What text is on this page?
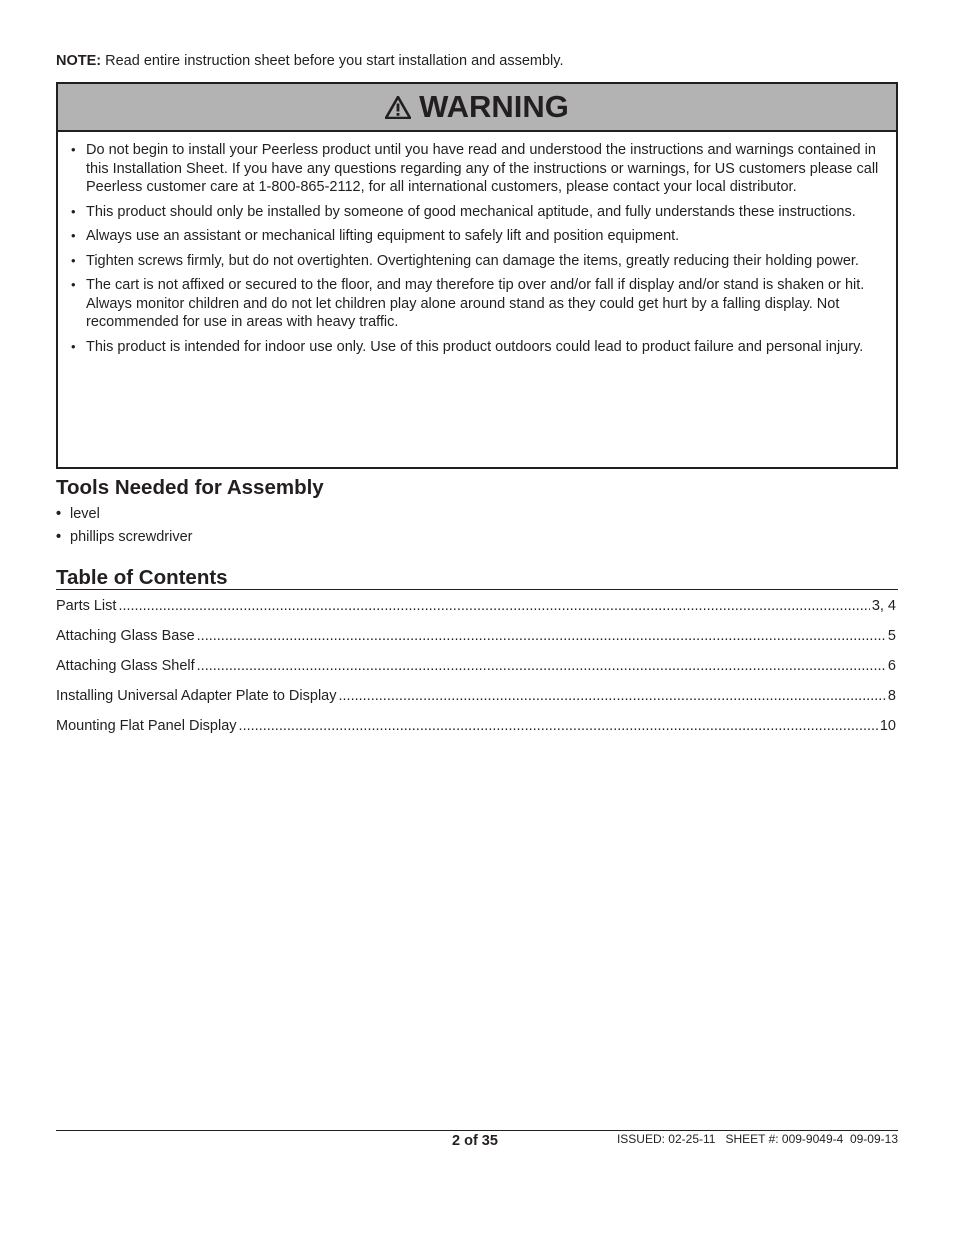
NOTE: Read entire instruction sheet before you start installation and assembly.
WARNING
• Do not begin to install your Peerless product until you have read and understood the instructions and warnings contained in this Installation Sheet. If you have any questions regarding any of the instructions or warnings, for US customers please call Peerless customer care at 1-800-865-2112, for all international customers, please contact your local distributor.
• This product should only be installed by someone of good mechanical aptitude, and fully understands these instructions.
• Always use an assistant or mechanical lifting equipment to safely lift and position equipment.
• Tighten screws firmly, but do not overtighten. Overtightening can damage the items, greatly reducing their holding power.
• The cart is not affixed or secured to the floor, and may therefore tip over and/or fall if display and/or stand is shaken or hit. Always monitor children and do not let children play alone around stand as they could get hurt by a falling display. Not recommended for use in areas with heavy traffic.
• This product is intended for indoor use only. Use of this product outdoors could lead to product failure and personal injury.
Tools Needed for Assembly
• level
• phillips screwdriver
Table of Contents
Parts List .....	3, 4
Attaching Glass Base .....	5
Attaching Glass Shelf .....	6
Installing Universal Adapter Plate to Display .....	8
Mounting Flat Panel Display .....	10
2 of 35	ISSUED: 02-25-11   SHEET #: 009-9049-4  09-09-13
